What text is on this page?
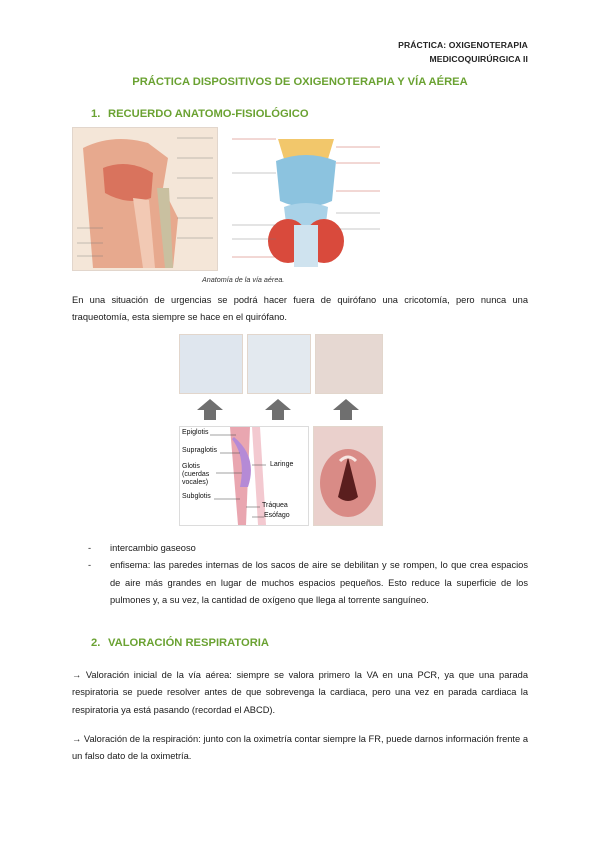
PRÁCTICA: OXIGENOTERAPIA
MEDICOQUIRÚRGICA II
PRÁCTICA DISPOSITIVOS DE OXIGENOTERAPIA Y VÍA AÉREA
1. RECUERDO ANATOMO-FISIOLÓGICO
Anatomía de la vía aérea.
En una situación de urgencias se podrá hacer fuera de quirófano una cricotomía, pero nunca una traqueotomía, esta siempre se hace en el quirófano.
Epiglotis
Supraglotis
Glotis
(cuerdas
vocales)
Subglotis
Laringe
Tráquea
Esófago
- intercambio gaseoso
- enfisema: las paredes internas de los sacos de aire se debilitan y se rompen, lo que crea espacios de aire más grandes en lugar de muchos espacios pequeños. Esto reduce la superficie de los pulmones y, a su vez, la cantidad de oxígeno que llega al torrente sanguíneo.
2. VALORACIÓN RESPIRATORIA
→ Valoración inicial de la vía aérea: siempre se valora primero la VA en una PCR, ya que una parada respiratoria se puede resolver antes de que sobrevenga la cardiaca, pero una vez en parada cardiaca la respiratoria ya está pasando (recordad el ABCD).
→ Valoración de la respiración: junto con la oximetría contar siempre la FR, puede darnos información frente a un falso dato de la oximetría.
